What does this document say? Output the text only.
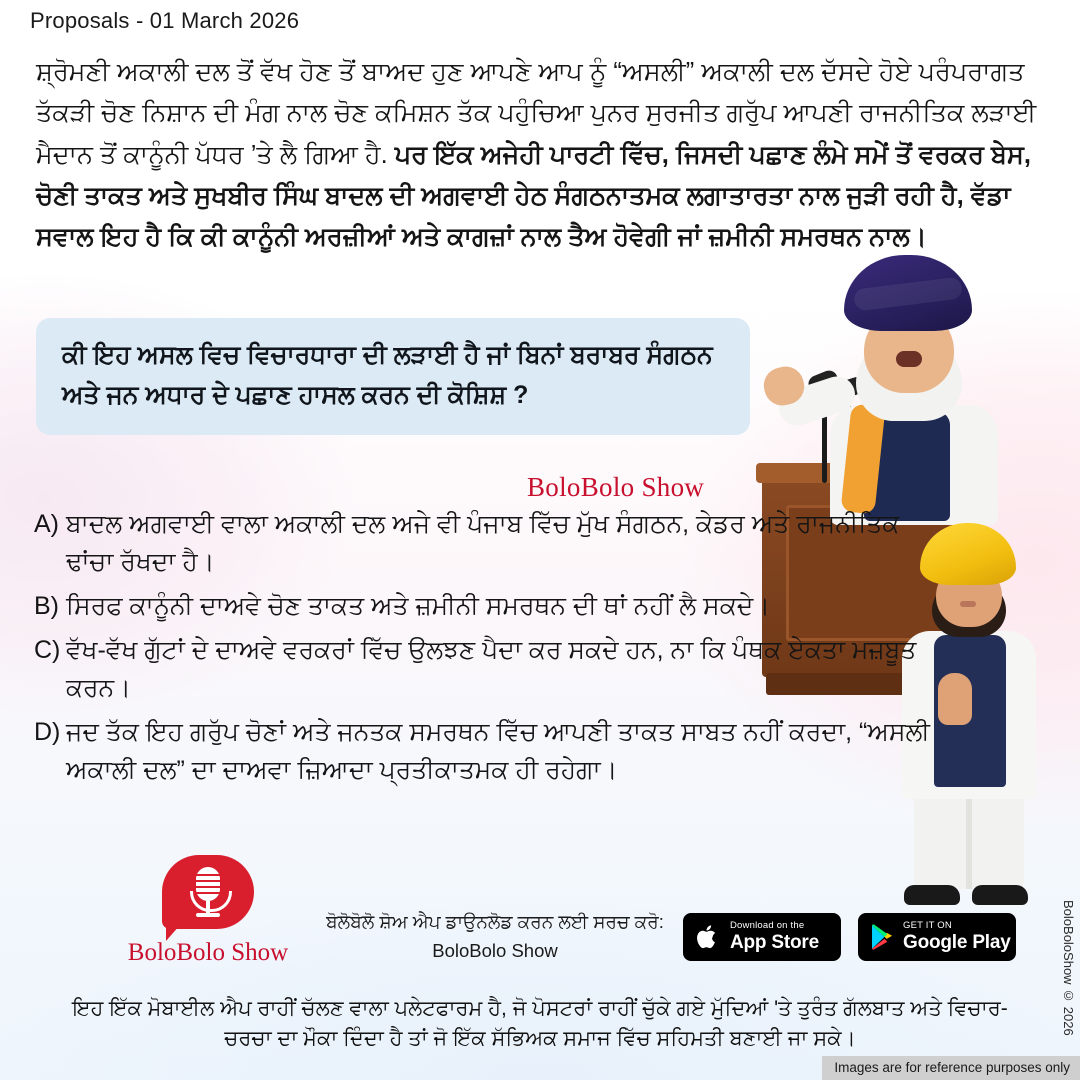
Proposals - 01 March 2026
ਸ਼੍ਰੋਮਣੀ ਅਕਾਲੀ ਦਲ ਤੋਂ ਵੱਖ ਹੋਣ ਤੋਂ ਬਾਅਦ ਹੁਣ ਆਪਣੇ ਆਪ ਨੂੰ “ਅਸਲੀ” ਅਕਾਲੀ ਦਲ ਦੱਸਦੇ ਹੋਏ ਪਰੰਪਰਾਗਤ ਤੱਕੜੀ ਚੋਣ ਨਿਸ਼ਾਨ ਦੀ ਮੰਗ ਨਾਲ ਚੋਣ ਕਮਿਸ਼ਨ ਤੱਕ ਪਹੁੰਚਿਆ ਪੁਨਰ ਸੁਰਜੀਤ ਗਰੁੱਪ ਆਪਣੀ ਰਾਜਨੀਤਿਕ ਲੜਾਈ ਮੈਦਾਨ ਤੋਂ ਕਾਨੂੰਨੀ ਪੱਧਰ ’ਤੇ ਲੈ ਗਿਆ ਹੈ. ਪਰ ਇੱਕ ਅਜੇਹੀ ਪਾਰਟੀ ਵਿੱਚ, ਜਿਸਦੀ ਪਛਾਣ ਲੰਮੇ ਸਮੇਂ ਤੋਂ ਵਰਕਰ ਬੇਸ, ਚੋਣੀ ਤਾਕਤ ਅਤੇ ਸੁਖਬੀਰ ਸਿੰਘ ਬਾਦਲ ਦੀ ਅਗਵਾਈ ਹੇਠ ਸੰਗਠਨਾਤਮਕ ਲਗਾਤਾਰਤਾ ਨਾਲ ਜੁੜੀ ਰਹੀ ਹੈ, ਵੱਡਾ ਸਵਾਲ ਇਹ ਹੈ ਕਿ ਕੀ ਕਾਨੂੰਨੀ ਅਰਜ਼ੀਆਂ ਅਤੇ ਕਾਗਜ਼ਾਂ ਨਾਲ ਤੈਅ ਹੋਵੇਗੀ ਜਾਂ ਜ਼ਮੀਨੀ ਸਮਰਥਨ ਨਾਲ।
ਕੀ ਇਹ ਅਸਲ ਵਿਚ ਵਿਚਾਰਧਾਰਾ ਦੀ ਲੜਾਈ ਹੈ ਜਾਂ ਬਿਨਾਂ ਬਰਾਬਰ ਸੰਗਠਨ ਅਤੇ ਜਨ ਅਧਾਰ ਦੇ ਪਛਾਣ ਹਾਸਲ ਕਰਨ ਦੀ ਕੋਸ਼ਿਸ਼ ?
BoloBolo Show
A) ਬਾਦਲ ਅਗਵਾਈ ਵਾਲਾ ਅਕਾਲੀ ਦਲ ਅਜੇ ਵੀ ਪੰਜਾਬ ਵਿੱਚ ਮੁੱਖ ਸੰਗਠਨ, ਕੇਡਰ ਅਤੇ ਰਾਜਨੀਤਿਕ ਢਾਂਚਾ ਰੱਖਦਾ ਹੈ।
B) ਸਿਰਫ ਕਾਨੂੰਨੀ ਦਾਅਵੇ ਚੋਣ ਤਾਕਤ ਅਤੇ ਜ਼ਮੀਨੀ ਸਮਰਥਨ ਦੀ ਥਾਂ ਨਹੀਂ ਲੈ ਸਕਦੇ।
C) ਵੱਖ-ਵੱਖ ਗੁੱਟਾਂ ਦੇ ਦਾਅਵੇ ਵਰਕਰਾਂ ਵਿੱਚ ਉਲਝਣ ਪੈਦਾ ਕਰ ਸਕਦੇ ਹਨ, ਨਾ ਕਿ ਪੰਥਕ ਏਕਤਾ ਮਜ਼ਬੂਤ ਕਰਨ।
D) ਜਦ ਤੱਕ ਇਹ ਗਰੁੱਪ ਚੋਣਾਂ ਅਤੇ ਜਨਤਕ ਸਮਰਥਨ ਵਿੱਚ ਆਪਣੀ ਤਾਕਤ ਸਾਬਤ ਨਹੀਂ ਕਰਦਾ, “ਅਸਲੀ ਅਕਾਲੀ ਦਲ” ਦਾ ਦਾਅਵਾ ਜ਼ਿਆਦਾ ਪ੍ਰਤੀਕਾਤਮਕ ਹੀ ਰਹੇਗਾ।
BoloBolo Show
ਬੋਲੋਬੋਲੋ ਸ਼ੋਅ ਐਪ ਡਾਉਨਲੋਡ ਕਰਨ ਲਈ ਸਰਚ ਕਰੋ:
BoloBolo Show
Download on the
App Store
GET IT ON
Google Play	BoloBoloShow © 2026
ਇਹ ਇੱਕ ਮੋਬਾਈਲ ਐਪ ਰਾਹੀਂ ਚੱਲਣ ਵਾਲਾ ਪਲੇਟਫਾਰਮ ਹੈ, ਜੋ ਪੋਸਟਰਾਂ ਰਾਹੀਂ ਚੁੱਕੇ ਗਏ ਮੁੱਦਿਆਂ 'ਤੇ ਤੁਰੰਤ ਗੱਲਬਾਤ ਅਤੇ ਵਿਚਾਰ-ਚਰਚਾ ਦਾ ਮੌਕਾ ਦਿੰਦਾ ਹੈ ਤਾਂ ਜੋ ਇੱਕ ਸੱਭਿਅਕ ਸਮਾਜ ਵਿੱਚ ਸਹਿਮਤੀ ਬਣਾਈ ਜਾ ਸਕੇ।
Images are for reference purposes only
